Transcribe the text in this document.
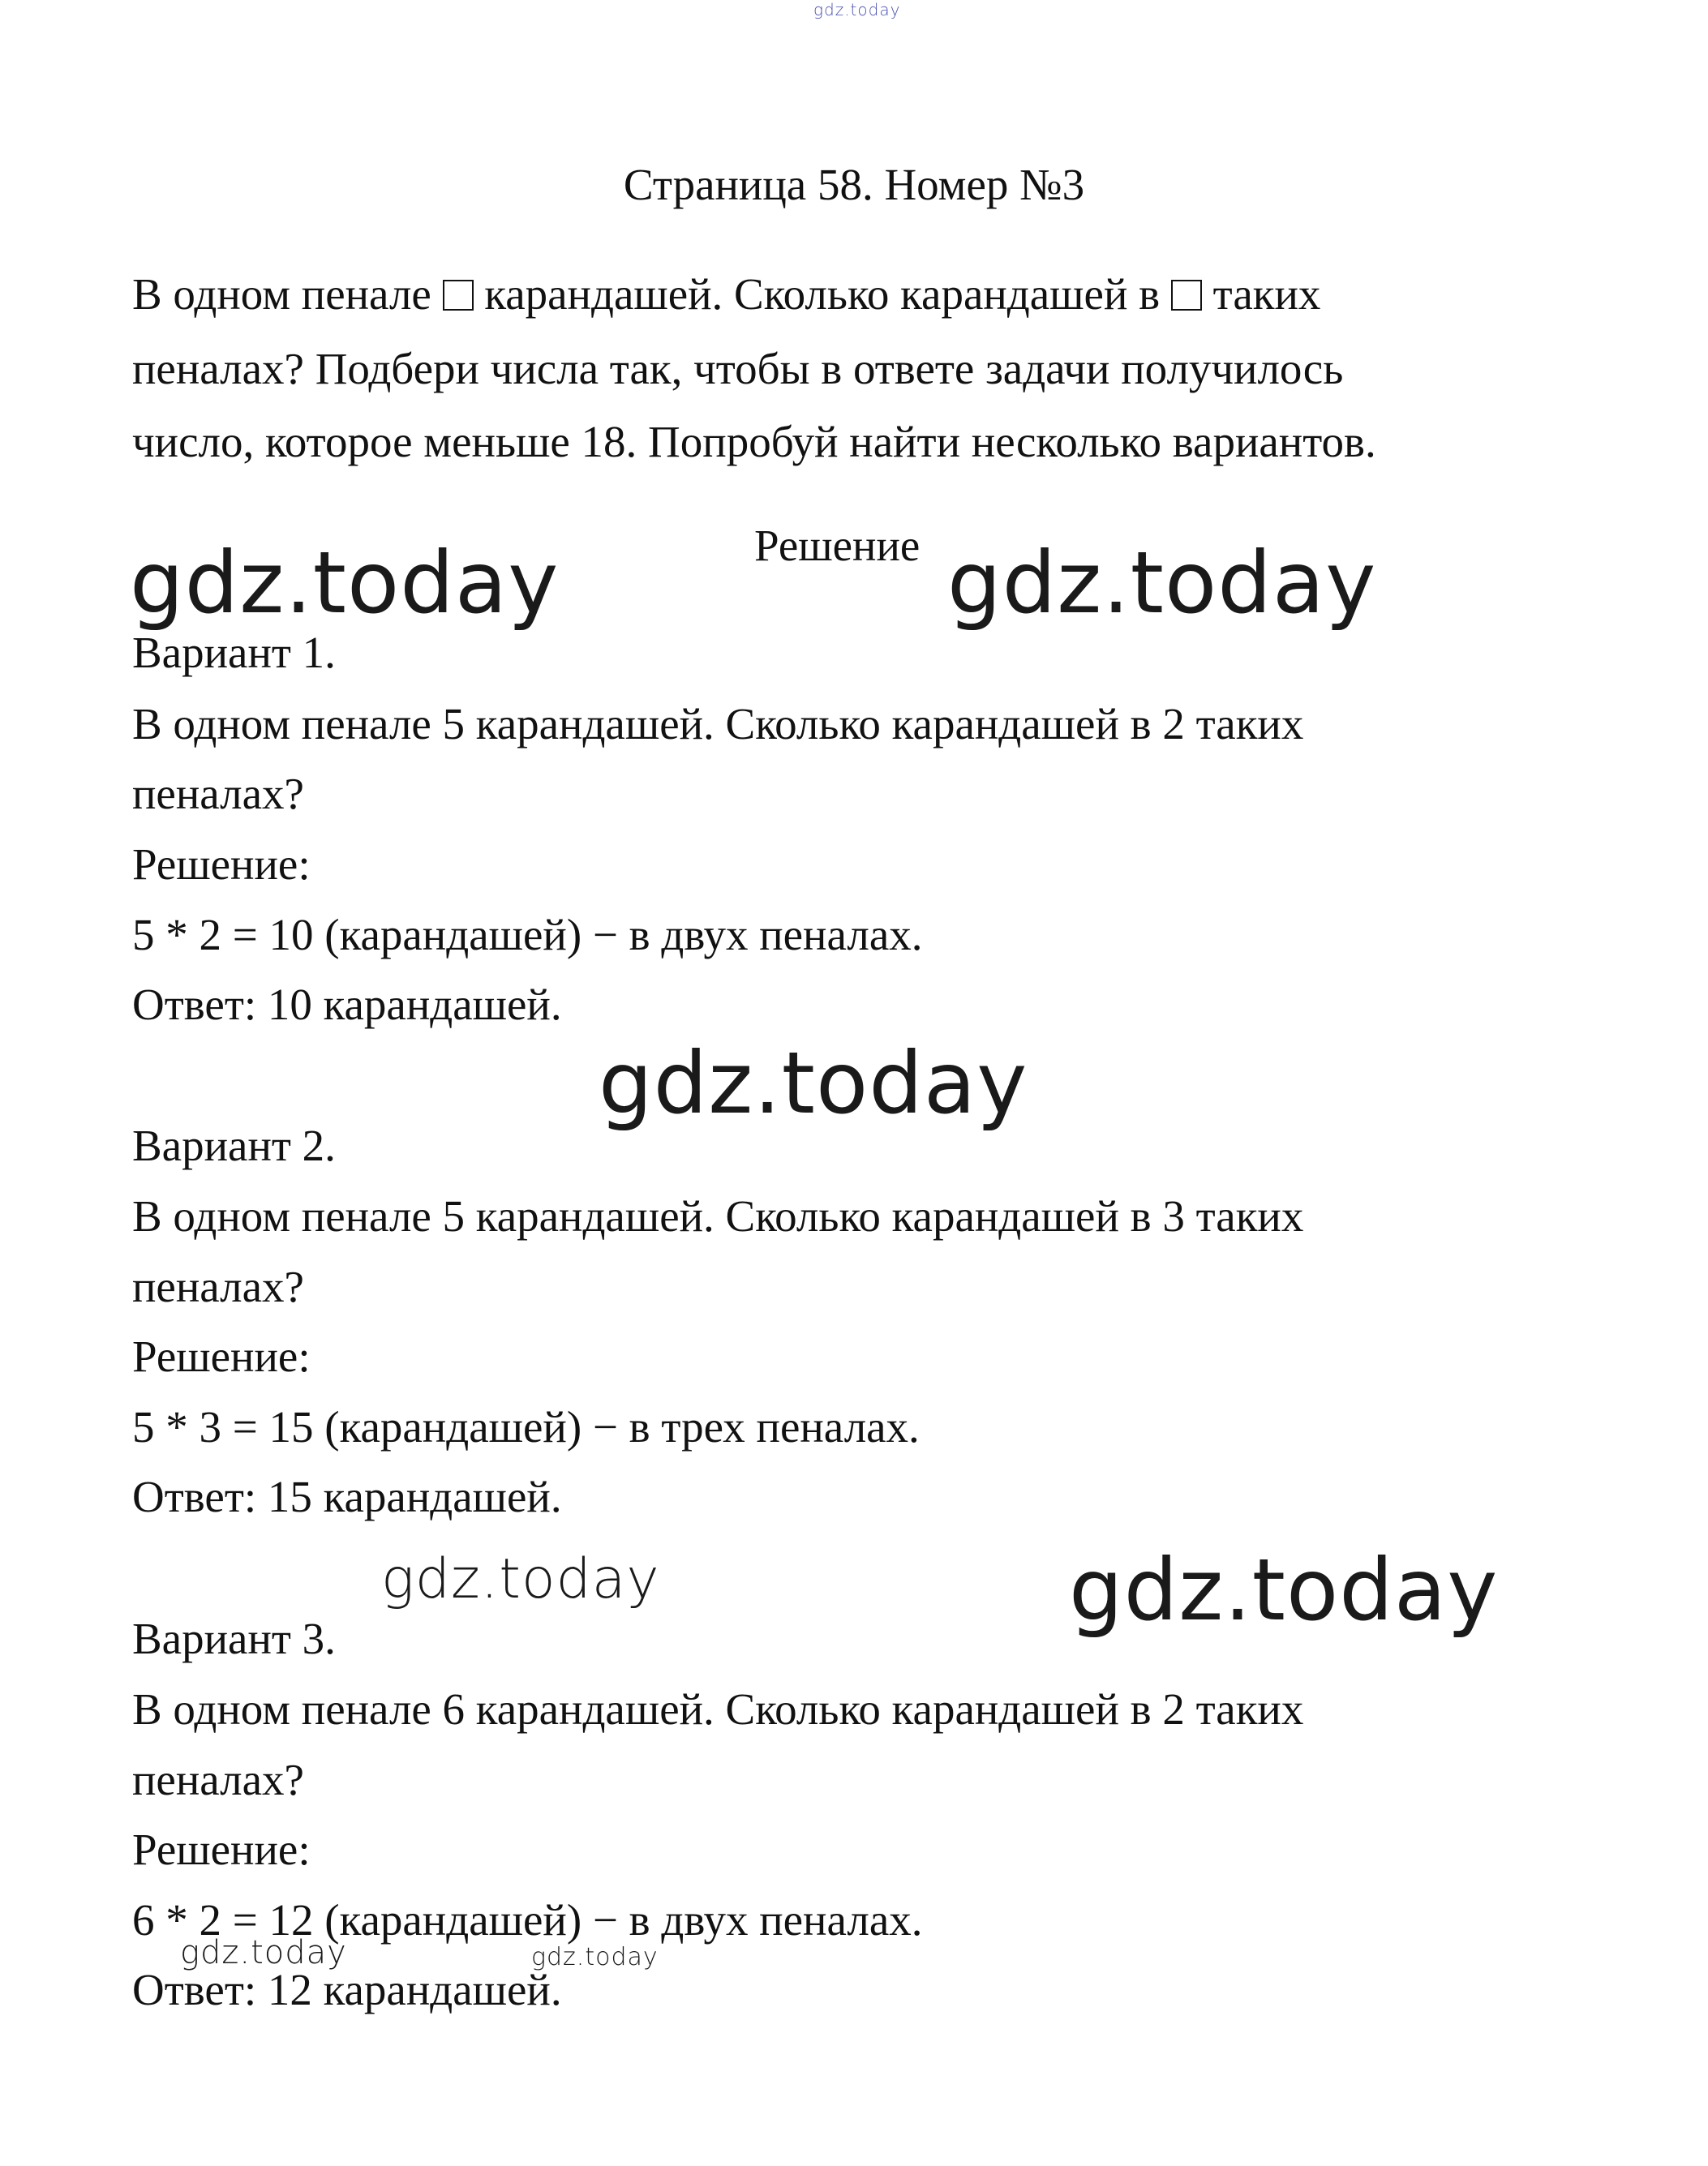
gdz.today
Страница 58. Номер №3
В одном пенале карандашей. Сколько карандашей в таких
пеналах? Подбери числа так, чтобы в ответе задачи получилось
число, которое меньше 18. Попробуй найти несколько вариантов.
Решение
gdz.today	gdz.today
Вариант 1.
В одном пенале 5 карандашей. Сколько карандашей в 2 таких
пеналах?
Решение:
5 * 2 = 10 (карандашей) − в двух пеналах.
Ответ: 10 карандашей.
gdz.today
Вариант 2.
В одном пенале 5 карандашей. Сколько карандашей в 3 таких
пеналах?
Решение:
5 * 3 = 15 (карандашей) − в трех пеналах.
Ответ: 15 карандашей.
gdz.today	gdz.today
Вариант 3.
В одном пенале 6 карандашей. Сколько карандашей в 2 таких
пеналах?
Решение:
6 * 2 = 12 (карандашей) − в двух пеналах.
gdz.today	gdz.today
Ответ: 12 карандашей.
